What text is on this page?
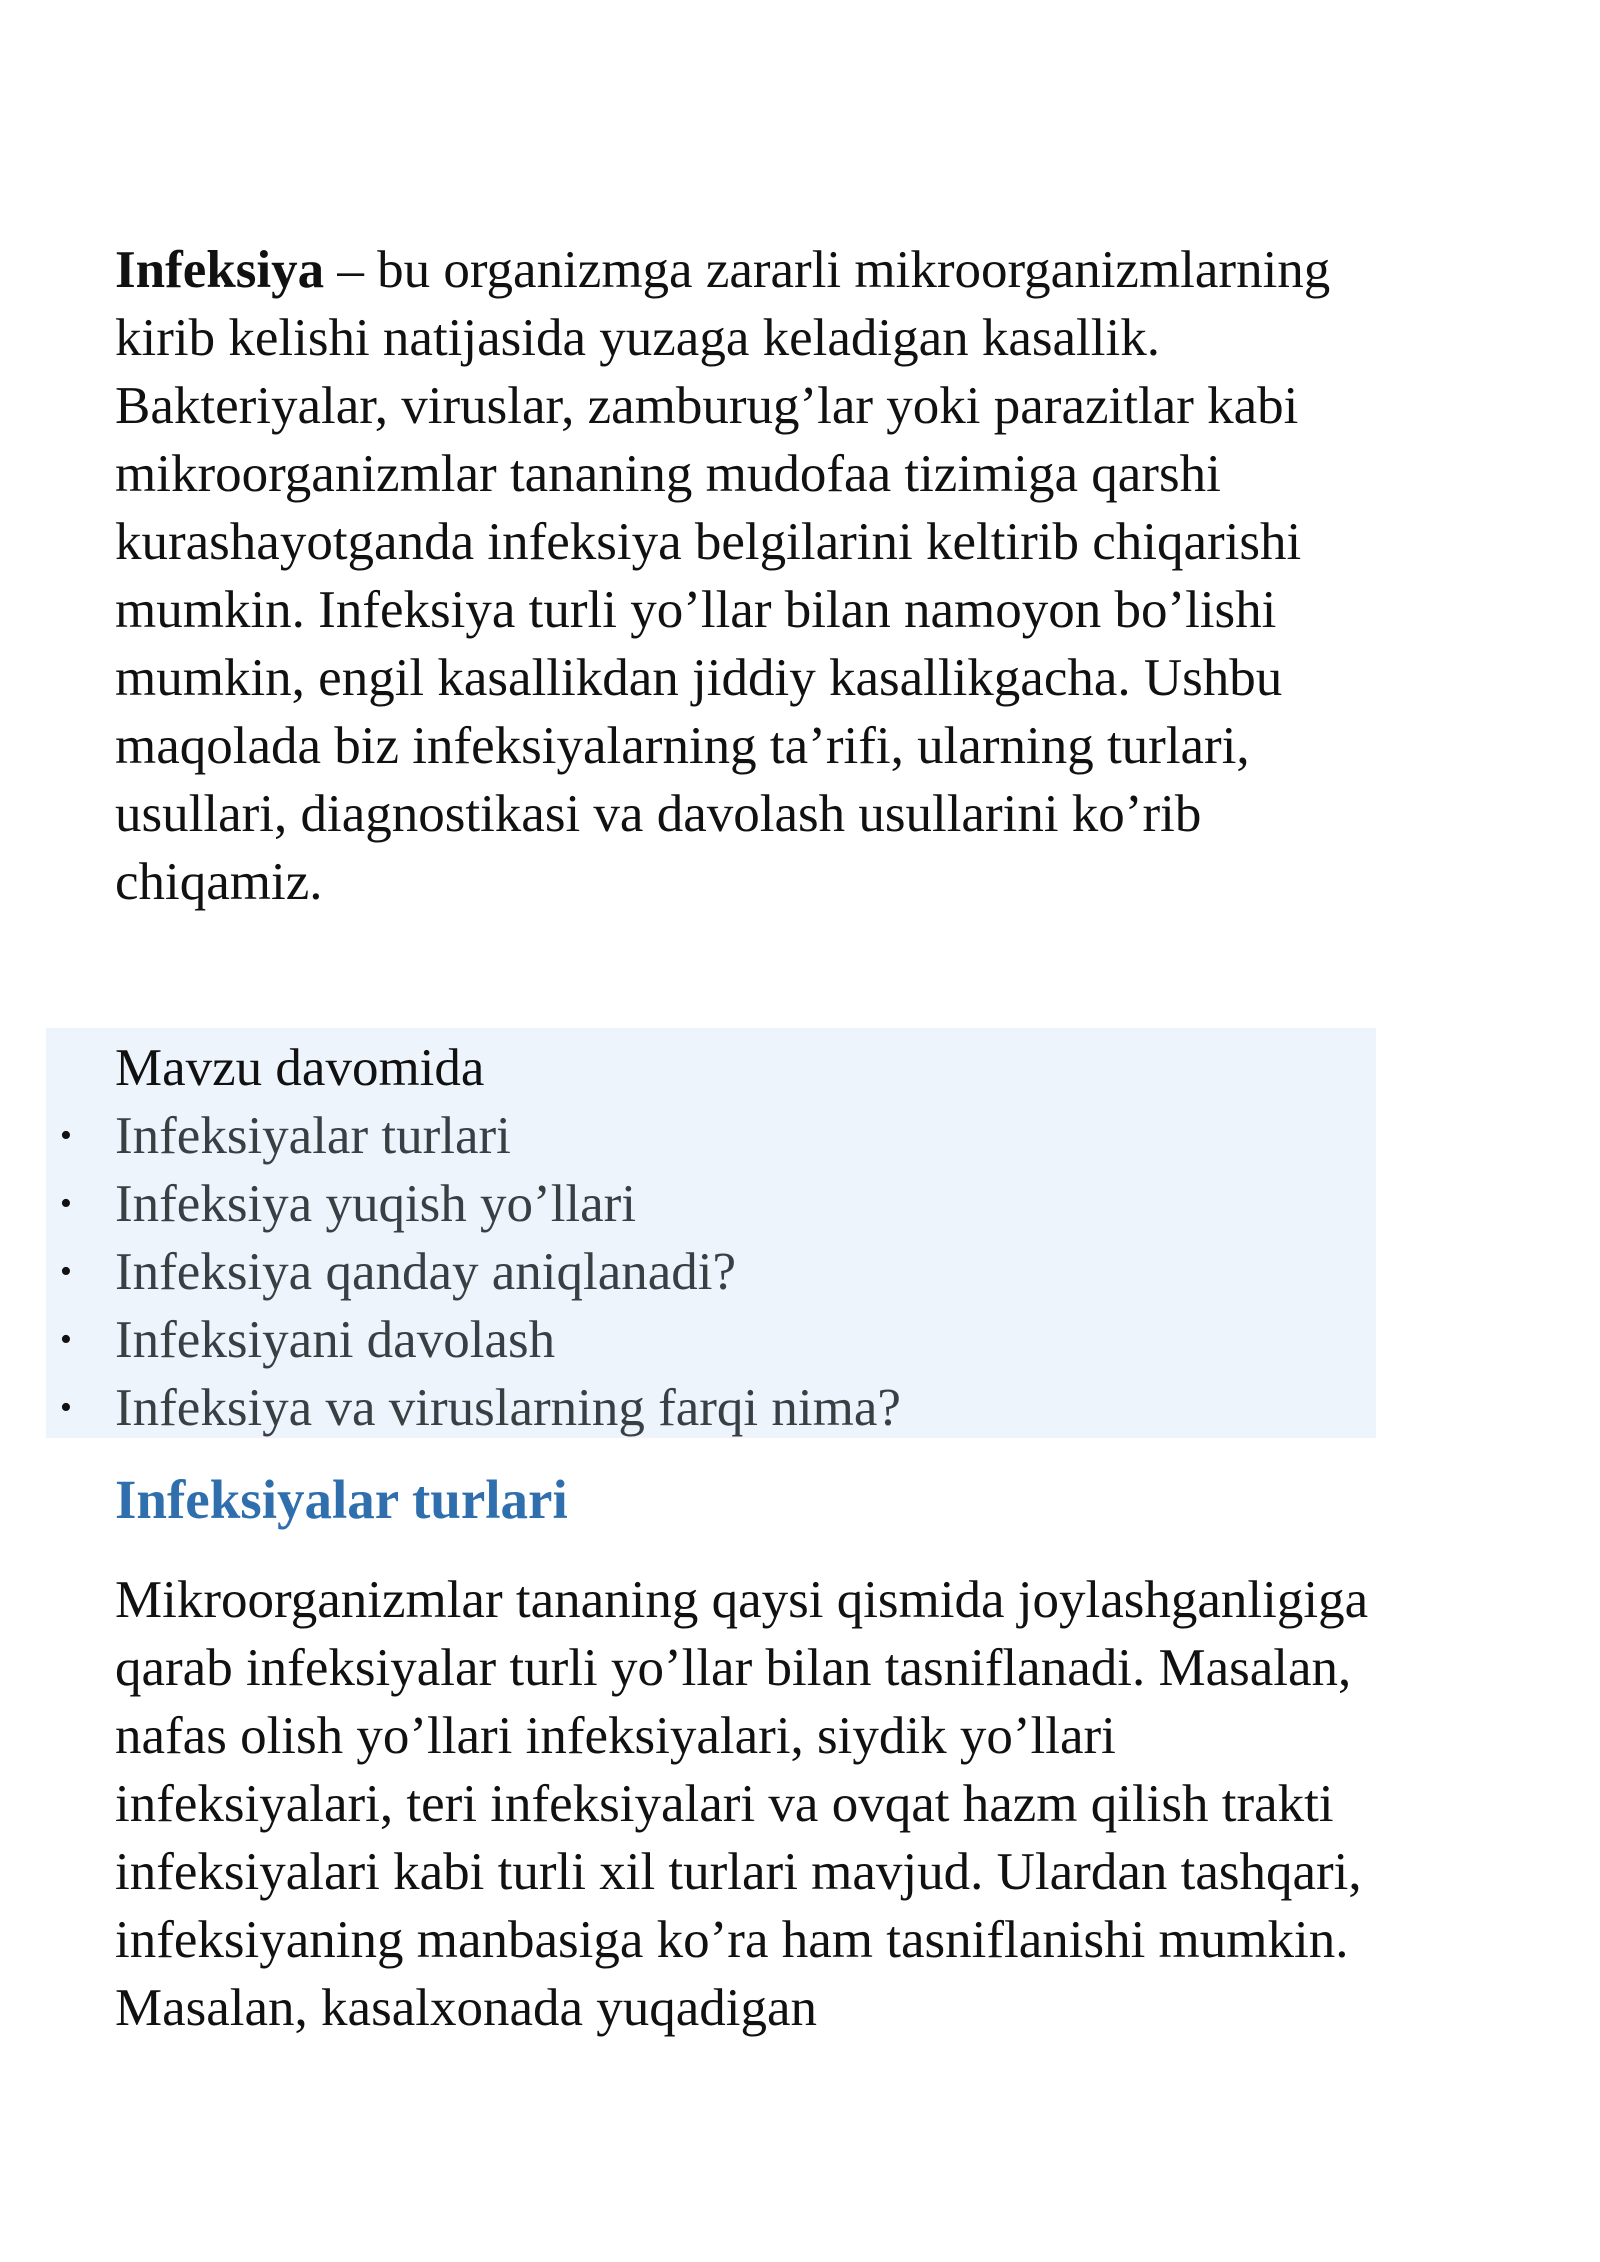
Infeksiya – bu organizmga zararli mikroorganizmlarning kirib kelishi natijasida yuzaga keladigan kasallik. Bakteriyalar, viruslar, zamburug’lar yoki parazitlar kabi mikroorganizmlar tananing mudofaa tizimiga qarshi kurashayotganda infeksiya belgilarini keltirib chiqarishi mumkin. Infeksiya turli yo’llar bilan namoyon bo’lishi mumkin, engil kasallikdan jiddiy kasallikgacha. Ushbu maqolada biz infeksiyalarning ta’rifi, ularning turlari, usullari, diagnostikasi va davolash usullarini ko’rib chiqamiz.

Mavzu davomida
• Infeksiyalar turlari
• Infeksiya yuqish yo’llari
• Infeksiya qanday aniqlanadi?
• Infeksiyani davolash
• Infeksiya va viruslarning farqi nima?
Infeksiyalar turlari

Mikroorganizmlar tananing qaysi qismida joylashganligiga qarab infeksiyalar turli yo’llar bilan tasniflanadi. Masalan, nafas olish yo’llari infeksiyalari, siydik yo’llari infeksiyalari, teri infeksiyalari va ovqat hazm qilish trakti infeksiyalari kabi turli xil turlari mavjud. Ulardan tashqari, infeksiyaning manbasiga ko’ra ham tasniflanishi mumkin. Masalan, kasalxonada yuqadigan
